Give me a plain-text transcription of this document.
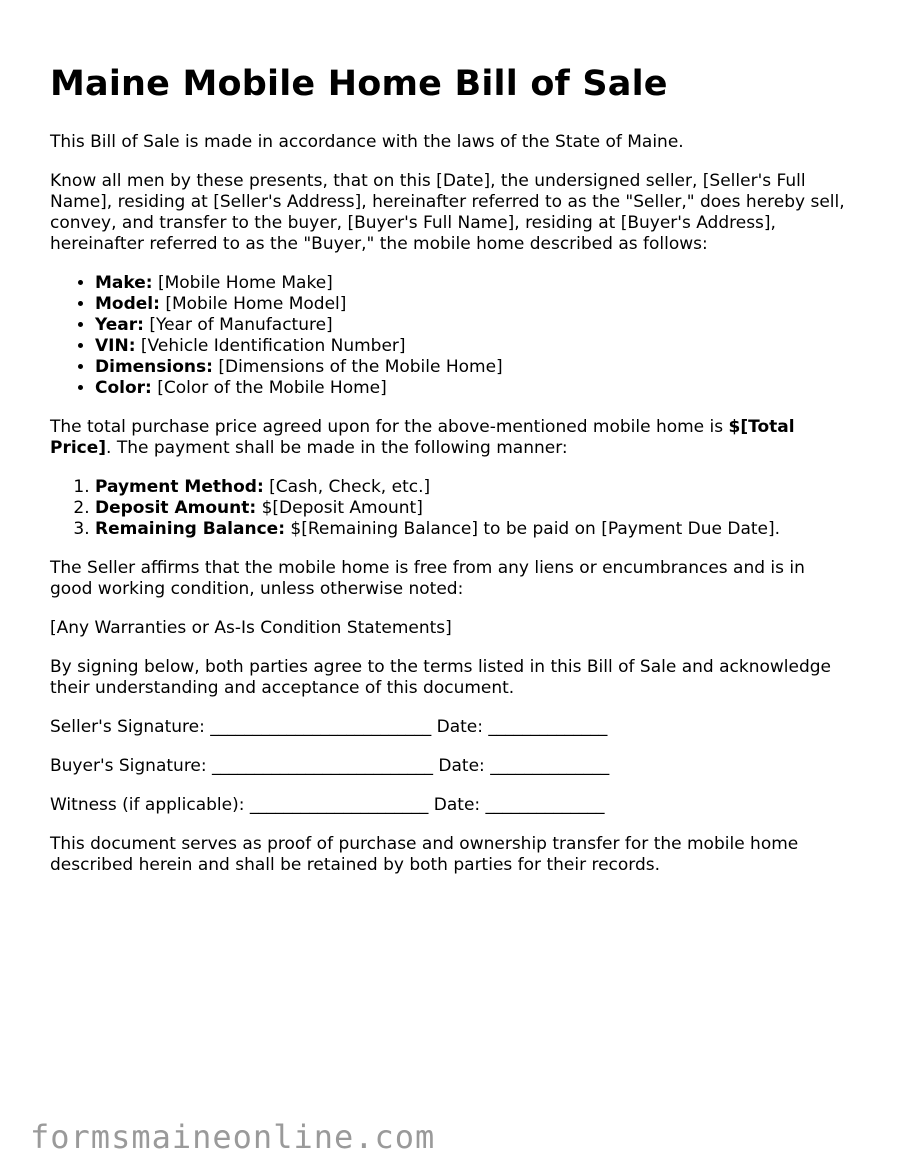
Maine Mobile Home Bill of Sale

This Bill of Sale is made in accordance with the laws of the State of Maine.

Know all men by these presents, that on this [Date], the undersigned seller, [Seller's Full Name], residing at [Seller's Address], hereinafter referred to as the "Seller," does hereby sell, convey, and transfer to the buyer, [Buyer's Full Name], residing at [Buyer's Address], hereinafter referred to as the "Buyer," the mobile home described as follows:

• Make: [Mobile Home Make]
• Model: [Mobile Home Model]
• Year: [Year of Manufacture]
• VIN: [Vehicle Identification Number]
• Dimensions: [Dimensions of the Mobile Home]
• Color: [Color of the Mobile Home]

The total purchase price agreed upon for the above-mentioned mobile home is $[Total Price]. The payment shall be made in the following manner:

1. Payment Method: [Cash, Check, etc.]
2. Deposit Amount: $[Deposit Amount]
3. Remaining Balance: $[Remaining Balance] to be paid on [Payment Due Date].

The Seller affirms that the mobile home is free from any liens or encumbrances and is in good working condition, unless otherwise noted:

[Any Warranties or As-Is Condition Statements]

By signing below, both parties agree to the terms listed in this Bill of Sale and acknowledge their understanding and acceptance of this document.

Seller's Signature: __________________________ Date: ______________
Buyer's Signature: __________________________ Date: ______________
Witness (if applicable): _____________________ Date: ______________

This document serves as proof of purchase and ownership transfer for the mobile home described herein and shall be retained by both parties for their records.

formsmaineonline.com
